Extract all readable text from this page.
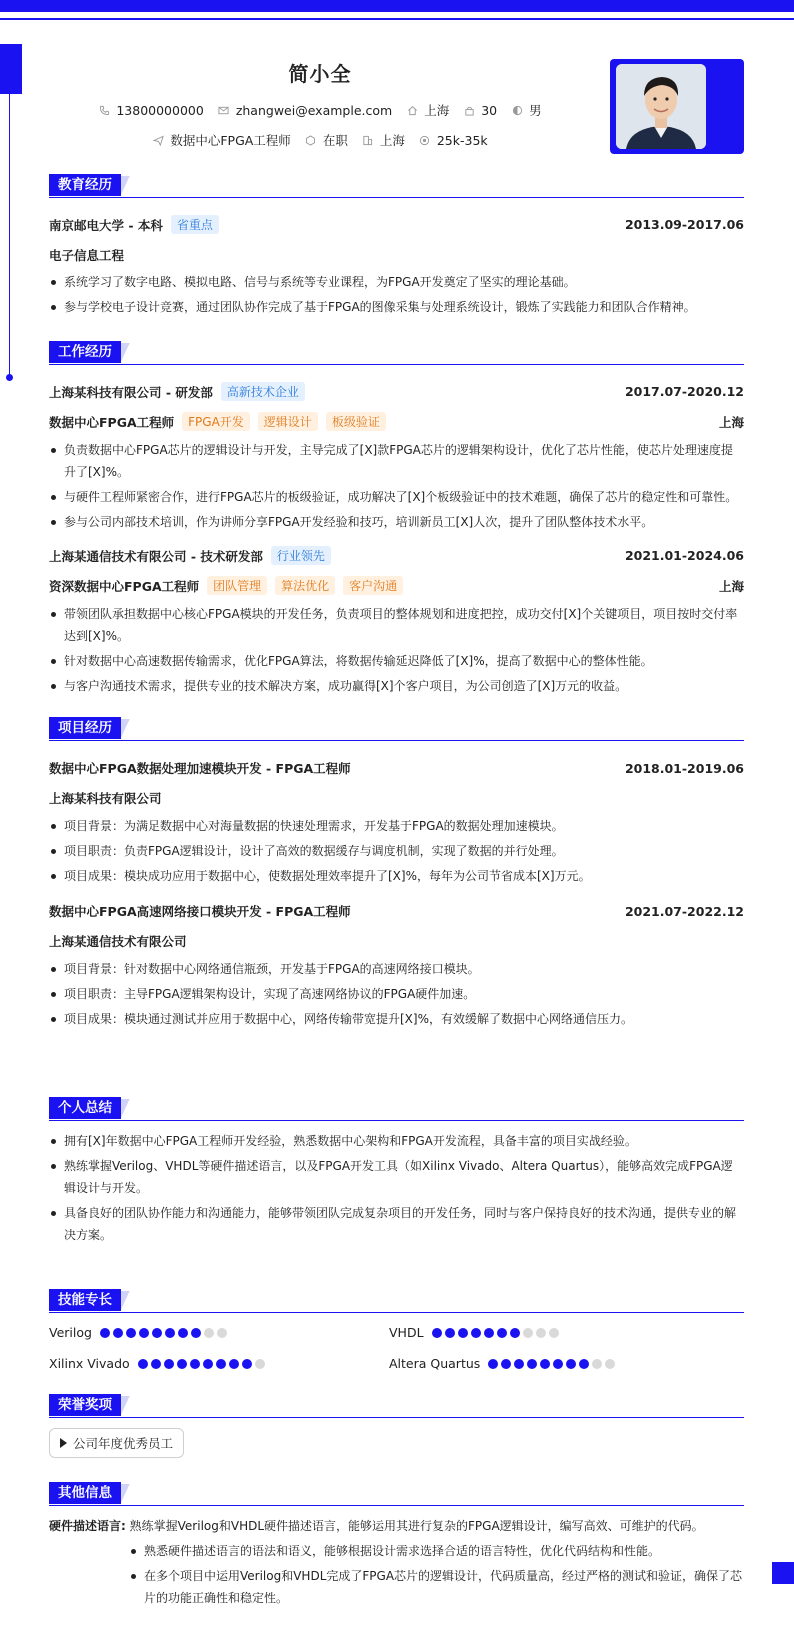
简小全
13800000000	zhangwei@example.com	上海	30	男
数据中心FPGA工程师	在职	上海	25k-35k
教育经历
南京邮电大学 - 本科	省重点	2013.09-2017.06
电子信息工程
系统学习了数字电路、模拟电路、信号与系统等专业课程，为FPGA开发奠定了坚实的理论基础。
参与学校电子设计竞赛，通过团队协作完成了基于FPGA的图像采集与处理系统设计，锻炼了实践能力和团队合作精神。
工作经历
上海某科技有限公司 - 研发部	高新技术企业	2017.07-2020.12
数据中心FPGA工程师	FPGA开发	逻辑设计	板级验证	上海
负责数据中心FPGA芯片的逻辑设计与开发，主导完成了[X]款FPGA芯片的逻辑架构设计，优化了芯片性能，使芯片处理速度提升了[X]%。
与硬件工程师紧密合作，进行FPGA芯片的板级验证，成功解决了[X]个板级验证中的技术难题，确保了芯片的稳定性和可靠性。
参与公司内部技术培训，作为讲师分享FPGA开发经验和技巧，培训新员工[X]人次，提升了团队整体技术水平。
上海某通信技术有限公司 - 技术研发部	行业领先	2021.01-2024.06
资深数据中心FPGA工程师	团队管理	算法优化	客户沟通	上海
带领团队承担数据中心核心FPGA模块的开发任务，负责项目的整体规划和进度把控，成功交付[X]个关键项目，项目按时交付率达到[X]%。
针对数据中心高速数据传输需求，优化FPGA算法，将数据传输延迟降低了[X]%，提高了数据中心的整体性能。
与客户沟通技术需求，提供专业的技术解决方案，成功赢得[X]个客户项目，为公司创造了[X]万元的收益。
项目经历
数据中心FPGA数据处理加速模块开发 - FPGA工程师	2018.01-2019.06
上海某科技有限公司
项目背景：为满足数据中心对海量数据的快速处理需求，开发基于FPGA的数据处理加速模块。
项目职责：负责FPGA逻辑设计，设计了高效的数据缓存与调度机制，实现了数据的并行处理。
项目成果：模块成功应用于数据中心，使数据处理效率提升了[X]%，每年为公司节省成本[X]万元。
数据中心FPGA高速网络接口模块开发 - FPGA工程师	2021.07-2022.12
上海某通信技术有限公司
项目背景：针对数据中心网络通信瓶颈，开发基于FPGA的高速网络接口模块。
项目职责：主导FPGA逻辑架构设计，实现了高速网络协议的FPGA硬件加速。
项目成果：模块通过测试并应用于数据中心，网络传输带宽提升[X]%，有效缓解了数据中心网络通信压力。
个人总结
拥有[X]年数据中心FPGA工程师开发经验，熟悉数据中心架构和FPGA开发流程，具备丰富的项目实战经验。
熟练掌握Verilog、VHDL等硬件描述语言，以及FPGA开发工具（如Xilinx Vivado、Altera Quartus），能够高效完成FPGA逻辑设计与开发。
具备良好的团队协作能力和沟通能力，能够带领团队完成复杂项目的开发任务，同时与客户保持良好的技术沟通，提供专业的解决方案。
技能专长
Verilog	VHDL
Xilinx Vivado	Altera Quartus
荣誉奖项
公司年度优秀员工
其他信息
硬件描述语言: 熟练掌握Verilog和VHDL硬件描述语言，能够运用其进行复杂的FPGA逻辑设计，编写高效、可维护的代码。
熟悉硬件描述语言的语法和语义，能够根据设计需求选择合适的语言特性，优化代码结构和性能。
在多个项目中运用Verilog和VHDL完成了FPGA芯片的逻辑设计，代码质量高，经过严格的测试和验证，确保了芯片的功能正确性和稳定性。
